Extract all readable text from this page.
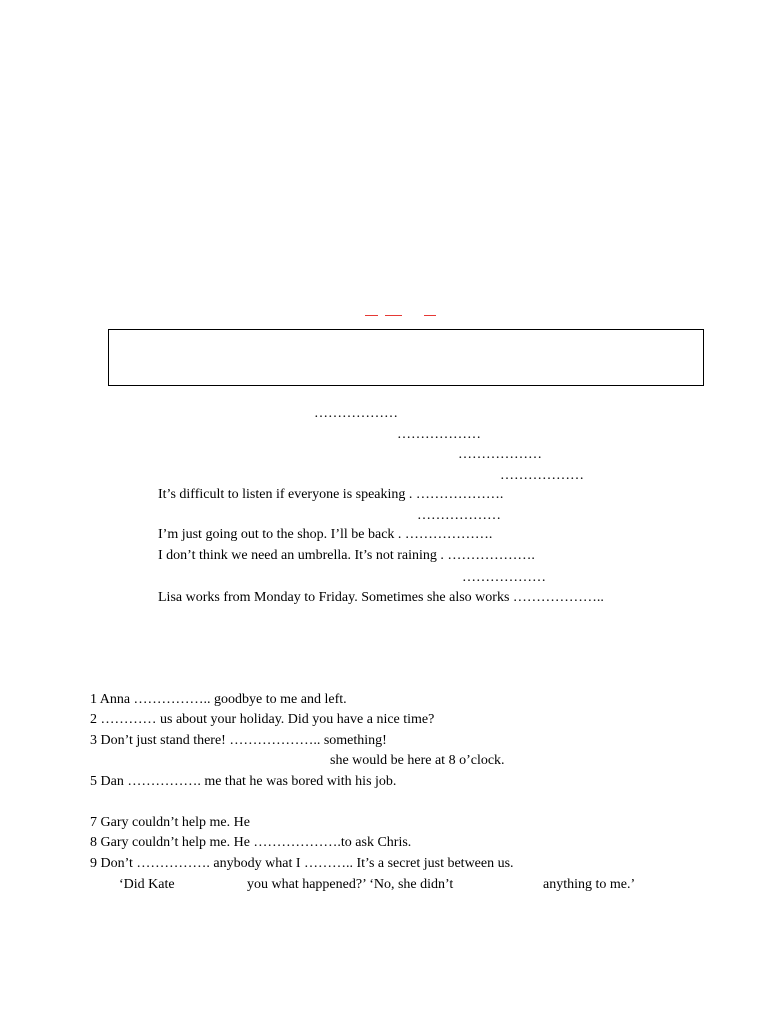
………………
………………
………………
………………
It’s difficult to listen if everyone is speaking . ……………….
………………
I’m just going out to the shop. I’ll be back . ……………….
I don’t think we need an umbrella. It’s not raining . ……………….
………………
Lisa works from Monday to Friday. Sometimes she also works ………………..
1 Anna …………….. goodbye to me and left.
2 ………… us about your holiday. Did you have a nice time?
3 Don’t just stand there! ……………….. something!
she would be here at 8 o’clock.
5 Dan ……………. me that he was bored with his job.
7 Gary couldn’t help me. He
8 Gary couldn’t help me. He ……………….to ask Chris.
9 Don’t ……………. anybody what I ……….. It’s a secret just between us.
‘Did Kate	you what happened?’ ‘No, she didn’t	anything to me.’
